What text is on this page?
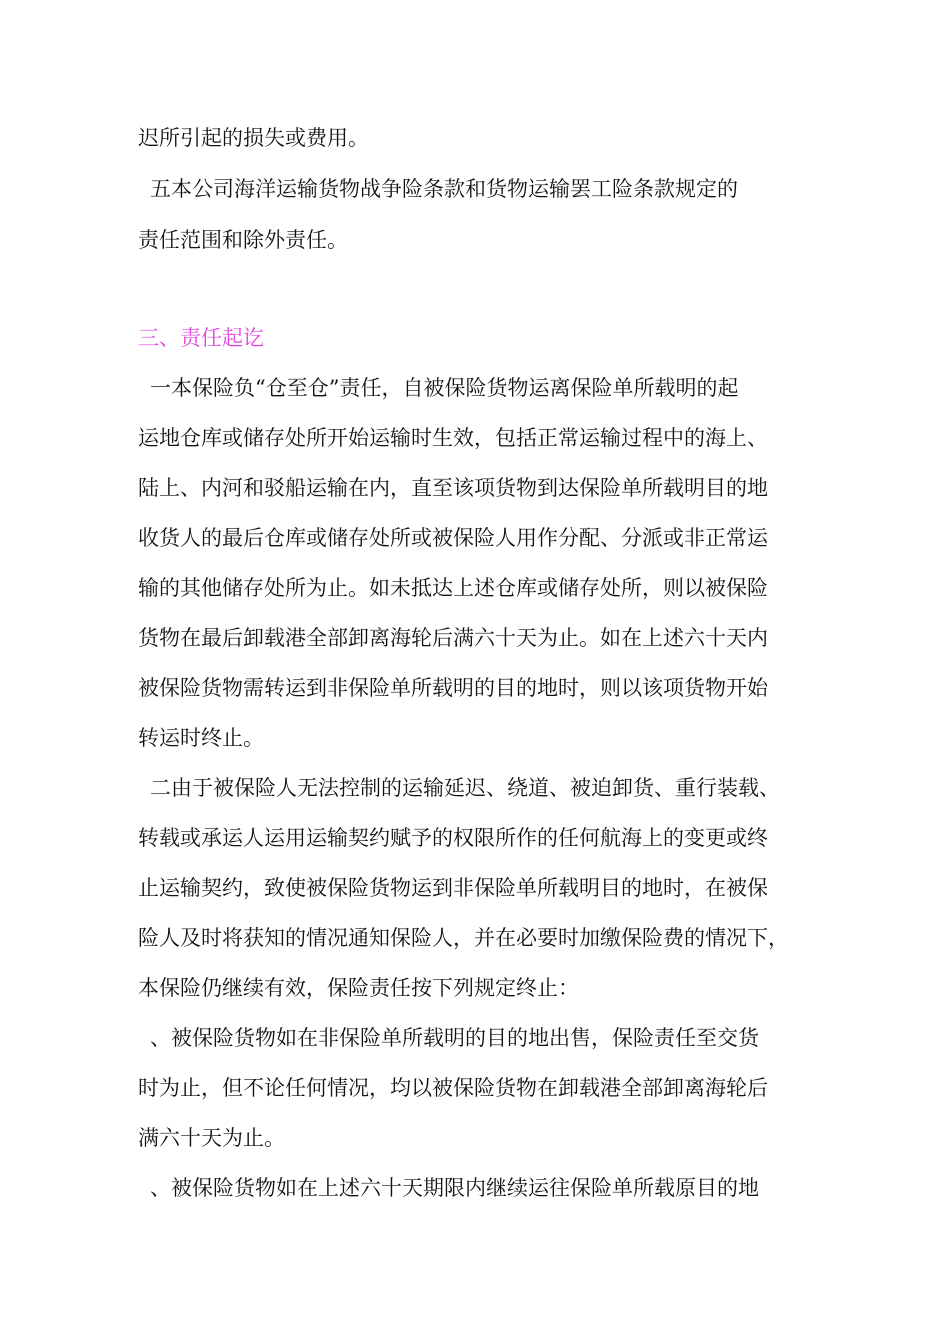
迟所引起的损失或费用。
五本公司海洋运输货物战争险条款和货物运输罢工险条款规定的
责任范围和除外责任。
三、责任起讫
一本保险负“仓至仓”责任，自被保险货物运离保险单所载明的起
运地仓库或储存处所开始运输时生效，包括正常运输过程中的海上、
陆上、内河和驳船运输在内，直至该项货物到达保险单所载明目的地
收货人的最后仓库或储存处所或被保险人用作分配、分派或非正常运
输的其他储存处所为止。如未抵达上述仓库或储存处所，则以被保险
货物在最后卸载港全部卸离海轮后满六十天为止。如在上述六十天内
被保险货物需转运到非保险单所载明的目的地时，则以该项货物开始
转运时终止。
二由于被保险人无法控制的运输延迟、绕道、被迫卸货、重行装载、
转载或承运人运用运输契约赋予的权限所作的任何航海上的变更或终
止运输契约，致使被保险货物运到非保险单所载明目的地时，在被保
险人及时将获知的情况通知保险人，并在必要时加缴保险费的情况下，
本保险仍继续有效，保险责任按下列规定终止：
、被保险货物如在非保险单所载明的目的地出售，保险责任至交货
时为止，但不论任何情况，均以被保险货物在卸载港全部卸离海轮后
满六十天为止。
、被保险货物如在上述六十天期限内继续运往保险单所载原目的地
